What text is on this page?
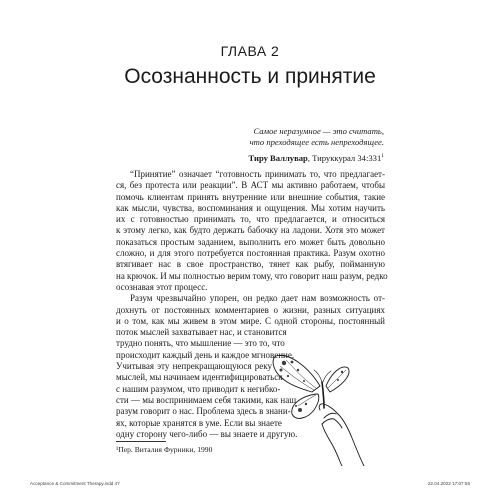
ГЛАВА 2
Осознанность и принятие
Самое неразумное — это считать,
что преходящее есть непреходящее.
Тиру Валлувар, Тируккурал $34:331^1$
“Принятие” означает “готовность принимать то, что предлагает-
ся, без протеста или реакции”. В АСТ мы активно работаем, чтобы
помочь клиентам принять внутренние или внешние события, такие
как мысли, чувства, воспоминания и ощущения. Мы хотим научить
их с готовностью принимать то, что предлагается, и относиться
к этому легко, как будто держать бабочку на ладони. Хотя это может
показаться простым заданием, выполнить его может быть довольно
сложно, и для этого потребуется постоянная практика. Разум охотно
втягивает нас в свое пространство, тянет как рыбу, пойманную
на крючок. И мы полностью верим тому, что говорит наш разум, редко
осознавая этот процесс.
Разум чрезвычайно упорен, он редко дает нам возможность от-
дохнуть от постоянных комментариев о жизни, разных ситуациях
и о том, как мы живем в этом мире. С одной стороны, постоянный
поток мыслей захватывает нас, и становится
трудно понять, что мышление — это то, что
происходит каждый день и каждое мгновение.
Учитывая эту непрекращающуюся реку
мыслей, мы начинаем идентифицироваться
с нашим разумом, что приводит к негибко-
сти — мы воспринимаем себя такими, как наш
разум говорит о нас. Проблема здесь в знани-
ях, которые хранятся в уме. Если вы знаете
одну сторону чего-либо — вы знаете и другую.
¹Пер. Виталия Фурники, 1990
Acceptance & Commitment Therapy.indd 47	22.04.2022 17:07:55
